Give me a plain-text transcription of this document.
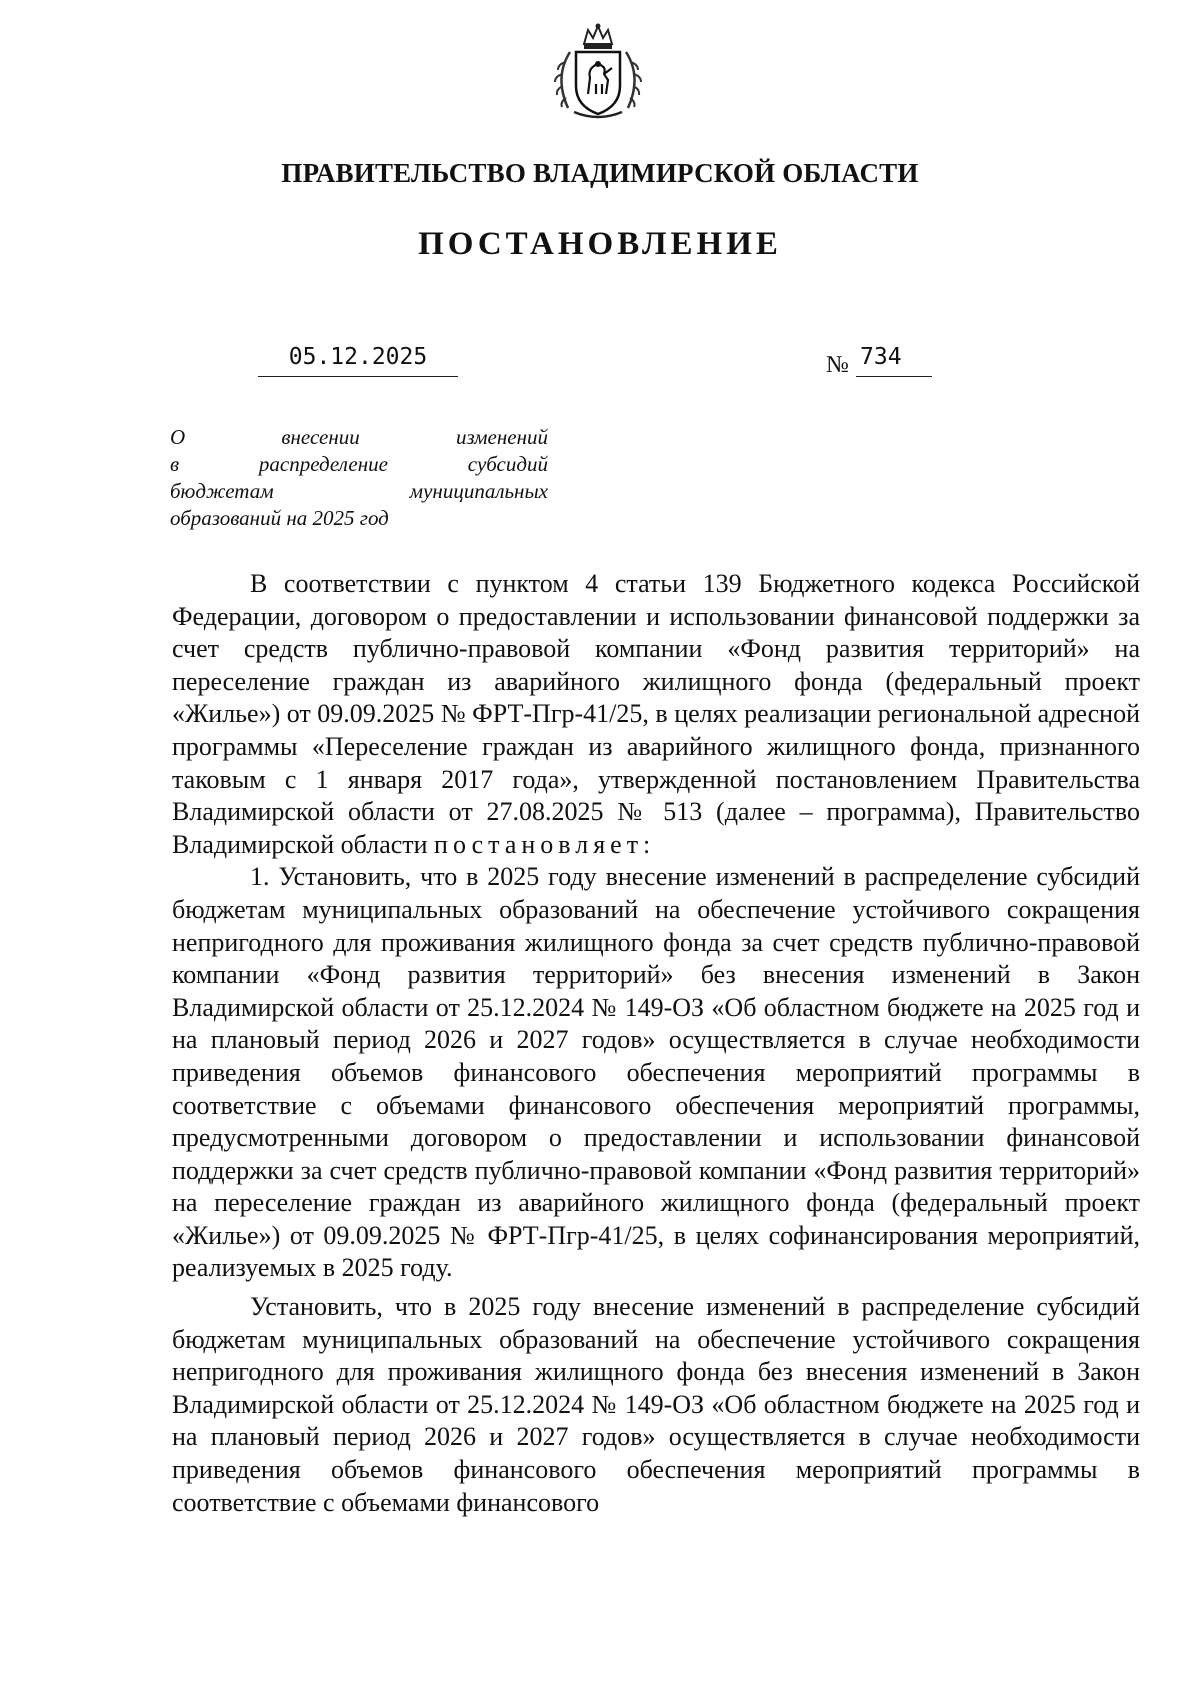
ПРАВИТЕЛЬСТВО ВЛАДИМИРСКОЙ ОБЛАСТИ
ПОСТАНОВЛЕНИЕ
05.12.2025	№ 734
О внесении изменений
в распределение субсидий
бюджетам муниципальных
образований на 2025 год

В соответствии с пунктом 4 статьи 139 Бюджетного кодекса Российской Федерации, договором о предоставлении и использовании финансовой поддержки за счет средств публично-правовой компании «Фонд развития территорий» на переселение граждан из аварийного жилищного фонда (федеральный проект «Жилье») от 09.09.2025 № ФРТ-Пгр-41/25, в целях реализации региональной адресной программы «Переселение граждан из аварийного жилищного фонда, признанного таковым с 1 января 2017 года», утвержденной постановлением Правительства Владимирской области от 27.08.2025 № 513 (далее – программа), Правительство Владимирской области постановляет:

1. Установить, что в 2025 году внесение изменений в распределение субсидий бюджетам муниципальных образований на обеспечение устойчивого сокращения непригодного для проживания жилищного фонда за счет средств публично-правовой компании «Фонд развития территорий» без внесения изменений в Закон Владимирской области от 25.12.2024 № 149-ОЗ «Об областном бюджете на 2025 год и на плановый период 2026 и 2027 годов» осуществляется в случае необходимости приведения объемов финансового обеспечения мероприятий программы в соответствие с объемами финансового обеспечения мероприятий программы, предусмотренными договором о предоставлении и использовании финансовой поддержки за счет средств публично-правовой компании «Фонд развития территорий» на переселение граждан из аварийного жилищного фонда (федеральный проект «Жилье») от 09.09.2025 № ФРТ-Пгр-41/25, в целях софинансирования мероприятий, реализуемых в 2025 году.

Установить, что в 2025 году внесение изменений в распределение субсидий бюджетам муниципальных образований на обеспечение устойчивого сокращения непригодного для проживания жилищного фонда без внесения изменений в Закон Владимирской области от 25.12.2024 № 149-ОЗ «Об областном бюджете на 2025 год и на плановый период 2026 и 2027 годов» осуществляется в случае необходимости приведения объемов финансового обеспечения мероприятий программы в соответствие с объемами финансового
